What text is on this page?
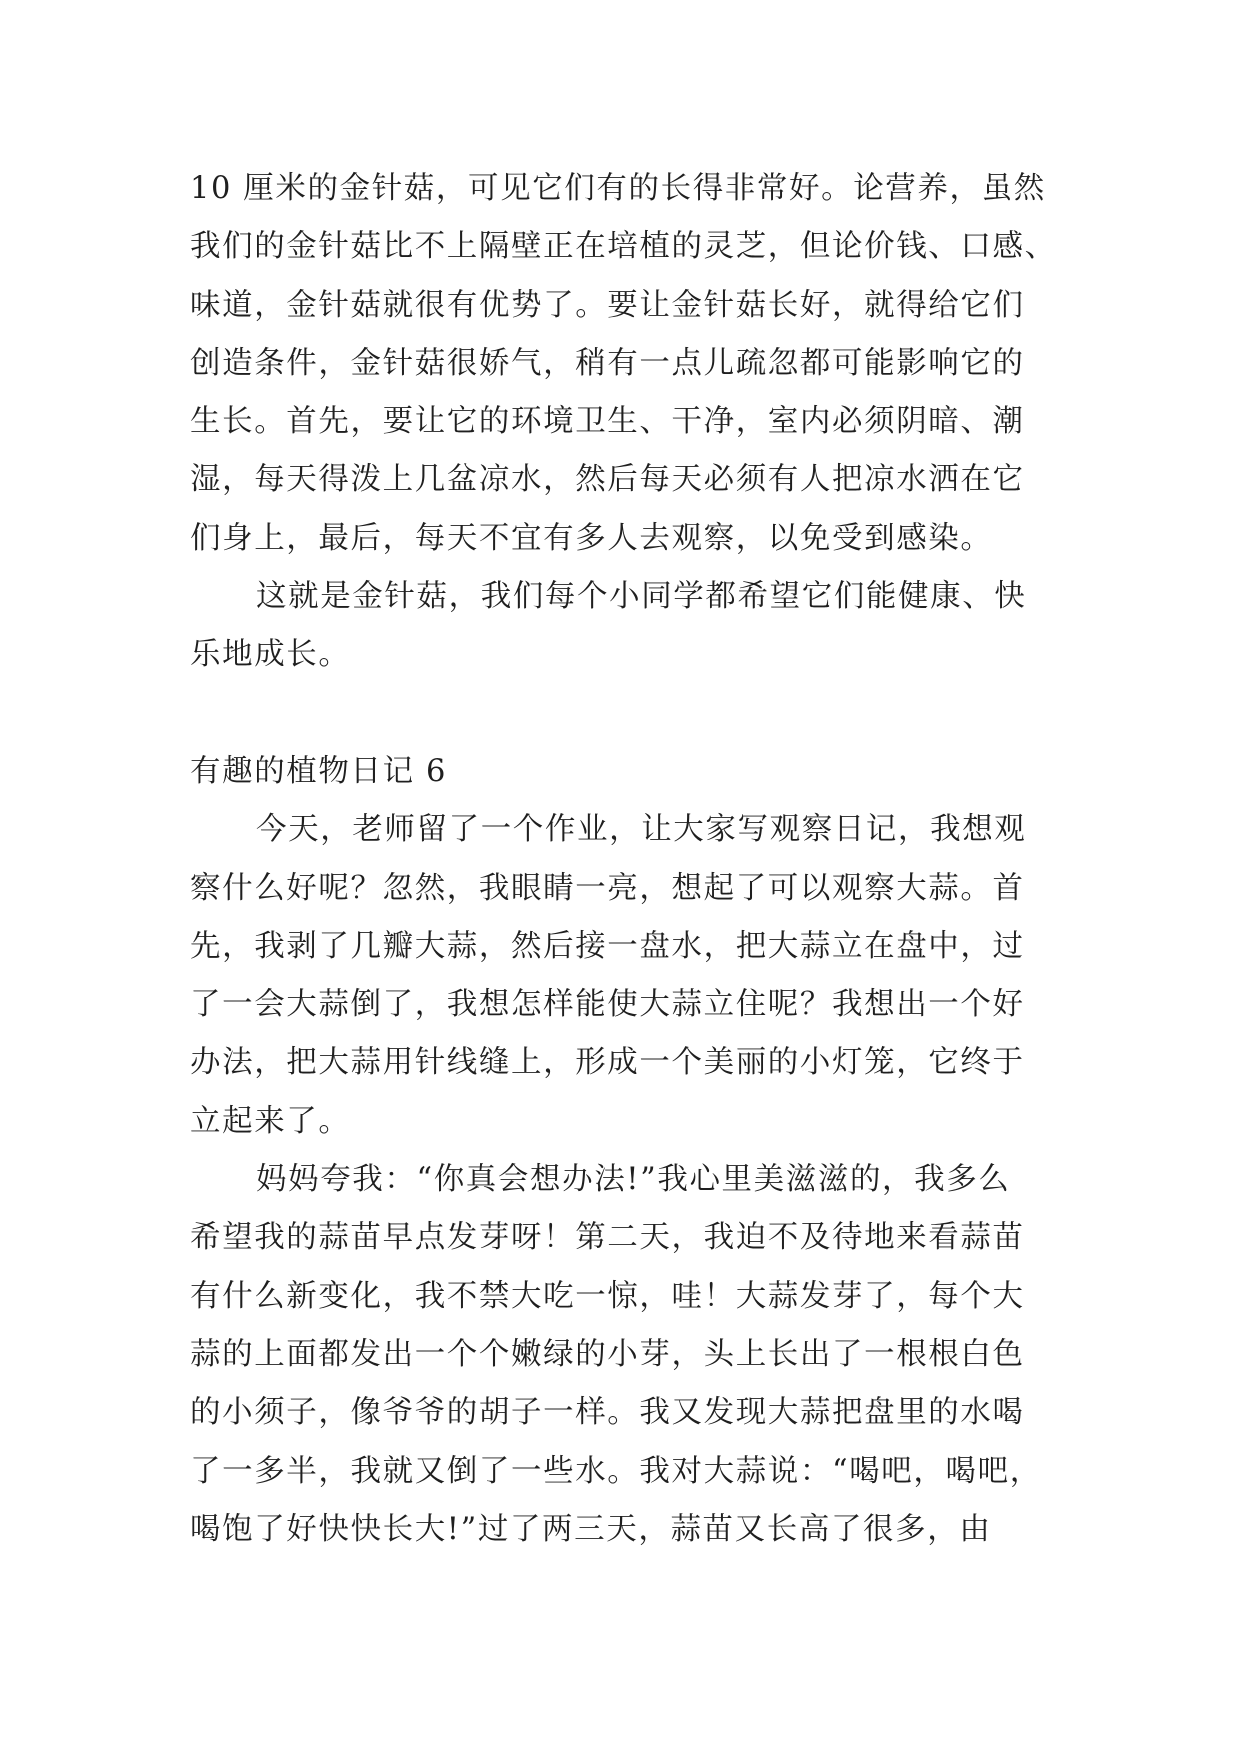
10 厘米的金针菇，可见它们有的长得非常好。论营养，虽然
我们的金针菇比不上隔壁正在培植的灵芝，但论价钱、口感、
味道，金针菇就很有优势了。要让金针菇长好，就得给它们
创造条件，金针菇很娇气，稍有一点儿疏忽都可能影响它的
生长。首先，要让它的环境卫生、干净，室内必须阴暗、潮
湿，每天得泼上几盆凉水，然后每天必须有人把凉水洒在它
们身上，最后，每天不宜有多人去观察，以免受到感染。
这就是金针菇，我们每个小同学都希望它们能健康、快
乐地成长。
有趣的植物日记 6
今天，老师留了一个作业，让大家写观察日记，我想观
察什么好呢？忽然，我眼睛一亮，想起了可以观察大蒜。首
先，我剥了几瓣大蒜，然后接一盘水，把大蒜立在盘中，过
了一会大蒜倒了，我想怎样能使大蒜立住呢？我想出一个好
办法，把大蒜用针线缝上，形成一个美丽的小灯笼，它终于
立起来了。
妈妈夸我：“你真会想办法!”我心里美滋滋的，我多么
希望我的蒜苗早点发芽呀！第二天，我迫不及待地来看蒜苗
有什么新变化，我不禁大吃一惊，哇！大蒜发芽了，每个大
蒜的上面都发出一个个嫩绿的小芽，头上长出了一根根白色
的小须子，像爷爷的胡子一样。我又发现大蒜把盘里的水喝
了一多半，我就又倒了一些水。我对大蒜说：“喝吧，喝吧，
喝饱了好快快长大!”过了两三天，蒜苗又长高了很多，由
